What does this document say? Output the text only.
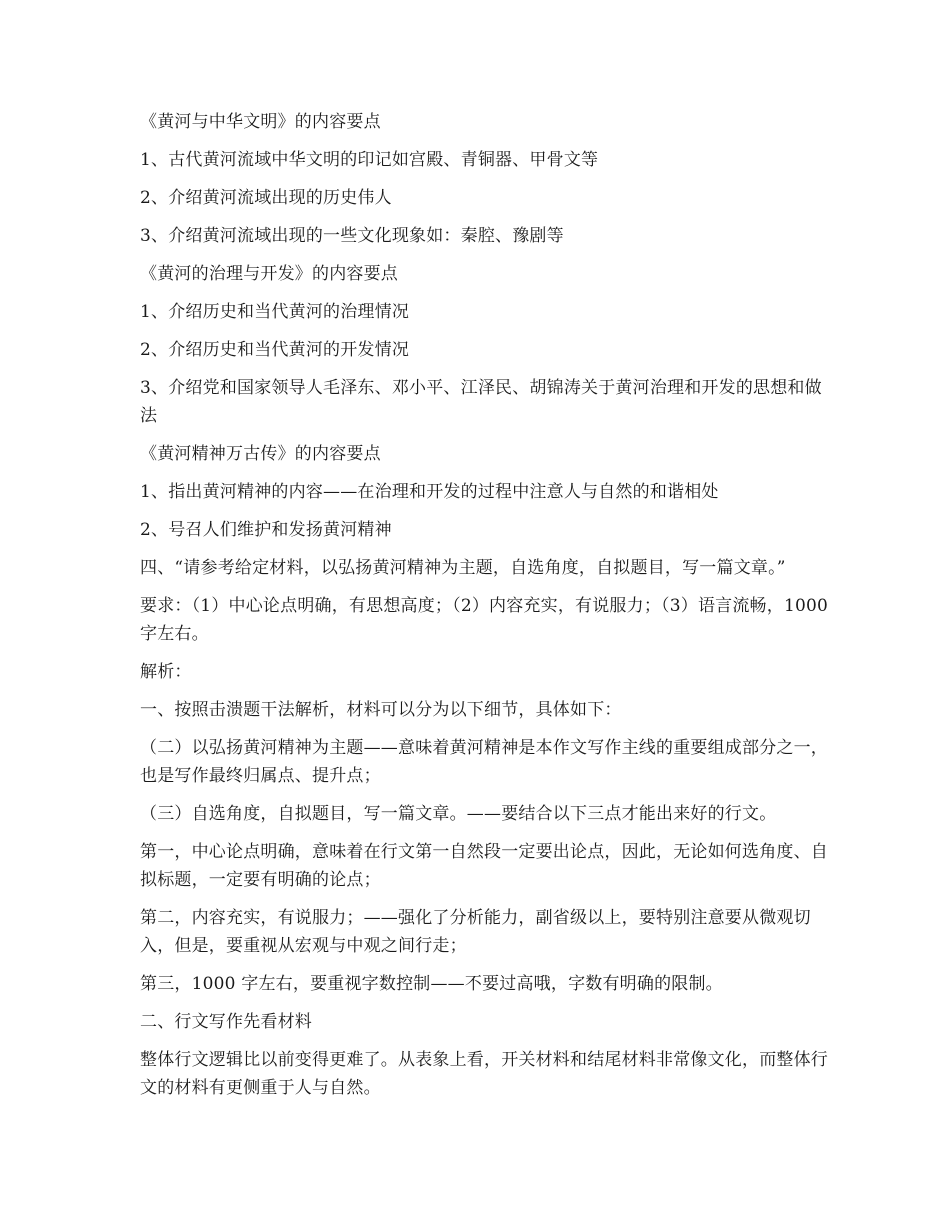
《黄河与中华文明》的内容要点

1、古代黄河流域中华文明的印记如宫殿、青铜器、甲骨文等

2、介绍黄河流域出现的历史伟人

3、介绍黄河流域出现的一些文化现象如：秦腔、豫剧等

《黄河的治理与开发》的内容要点

1、介绍历史和当代黄河的治理情况

2、介绍历史和当代黄河的开发情况

3、介绍党和国家领导人毛泽东、邓小平、江泽民、胡锦涛关于黄河治理和开发的思想和做法

《黄河精神万古传》的内容要点

1、指出黄河精神的内容——在治理和开发的过程中注意人与自然的和谐相处

2、号召人们维护和发扬黄河精神

四、“请参考给定材料，以弘扬黄河精神为主题，自选角度，自拟题目，写一篇文章。”

要求：（1）中心论点明确，有思想高度；（2）内容充实，有说服力；（3）语言流畅，1000 字左右。

解析：

一、按照击溃题干法解析，材料可以分为以下细节，具体如下：

（二）以弘扬黄河精神为主题——意味着黄河精神是本作文写作主线的重要组成部分之一，也是写作最终归属点、提升点；

（三）自选角度，自拟题目，写一篇文章。——要结合以下三点才能出来好的行文。

第一，中心论点明确，意味着在行文第一自然段一定要出论点，因此，无论如何选角度、自拟标题，一定要有明确的论点；

第二，内容充实，有说服力；——强化了分析能力，副省级以上，要特别注意要从微观切入，但是，要重视从宏观与中观之间行走；

第三，1000 字左右，要重视字数控制——不要过高哦，字数有明确的限制。

二、行文写作先看材料

整体行文逻辑比以前变得更难了。从表象上看，开关材料和结尾材料非常像文化，而整体行文的材料有更侧重于人与自然。
